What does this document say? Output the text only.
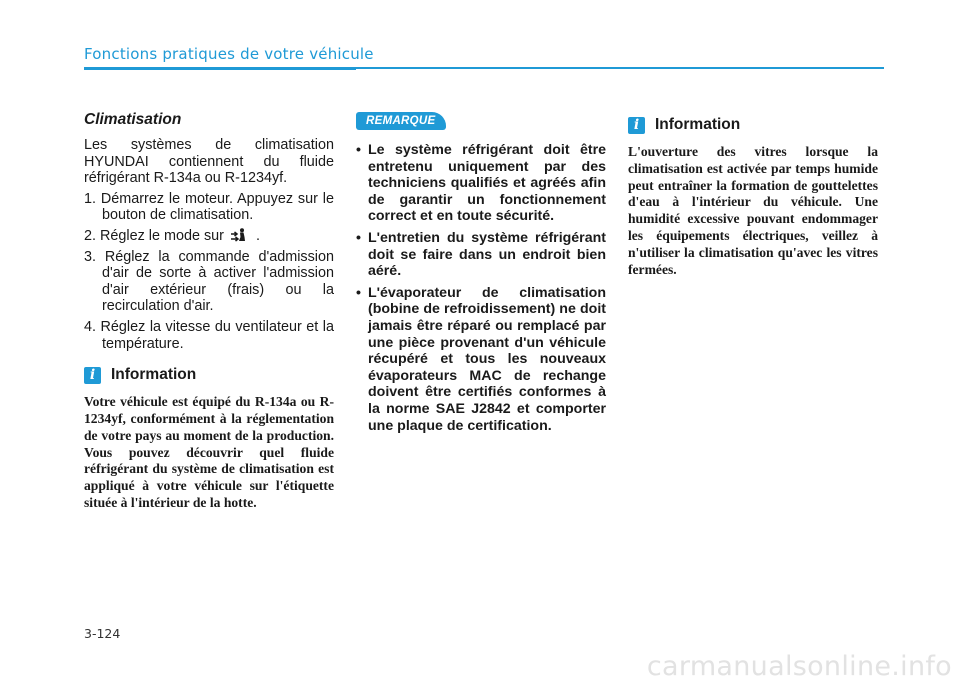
Fonctions pratiques de votre véhicule
Climatisation

Les systèmes de climatisation HYUNDAI contiennent du fluide réfrigérant R-134a ou R-1234yf.

1. Démarrez le moteur. Appuyez sur le bouton de climatisation.

2. Réglez le mode sur .

3. Réglez la commande d'admission d'air de sorte à activer l'admission d'air extérieur (frais) ou la recirculation d'air.

4. Réglez la vitesse du ventilateur et la température.

i	Information

Votre véhicule est équipé du R-134a ou R-1234yf, conformément à la réglementation de votre pays au moment de la production. Vous pouvez découvrir quel fluide réfrigérant du système de climatisation est appliqué à votre véhicule sur l'étiquette située à l'intérieur de la hotte.

REMARQUE
• Le système réfrigérant doit être entretenu uniquement par des techniciens qualifiés et agréés afin de garantir un fonctionnement correct et en toute sécurité.
• L'entretien du système réfrigérant doit se faire dans un endroit bien aéré.
• L'évaporateur de climatisation (bobine de refroidissement) ne doit jamais être réparé ou remplacé par une pièce provenant d'un véhicule récupéré et tous les nouveaux évaporateurs MAC de rechange doivent être certifiés conformes à la norme SAE J2842 et comporter une plaque de certification.
i	Information

L'ouverture des vitres lorsque la climatisation est activée par temps humide peut entraîner la formation de gouttelettes d'eau à l'intérieur du véhicule. Une humidité excessive pouvant endommager les équipements électriques, veillez à n'utiliser la climatisation qu'avec les vitres fermées.

3-124
carmanualsonline.info
